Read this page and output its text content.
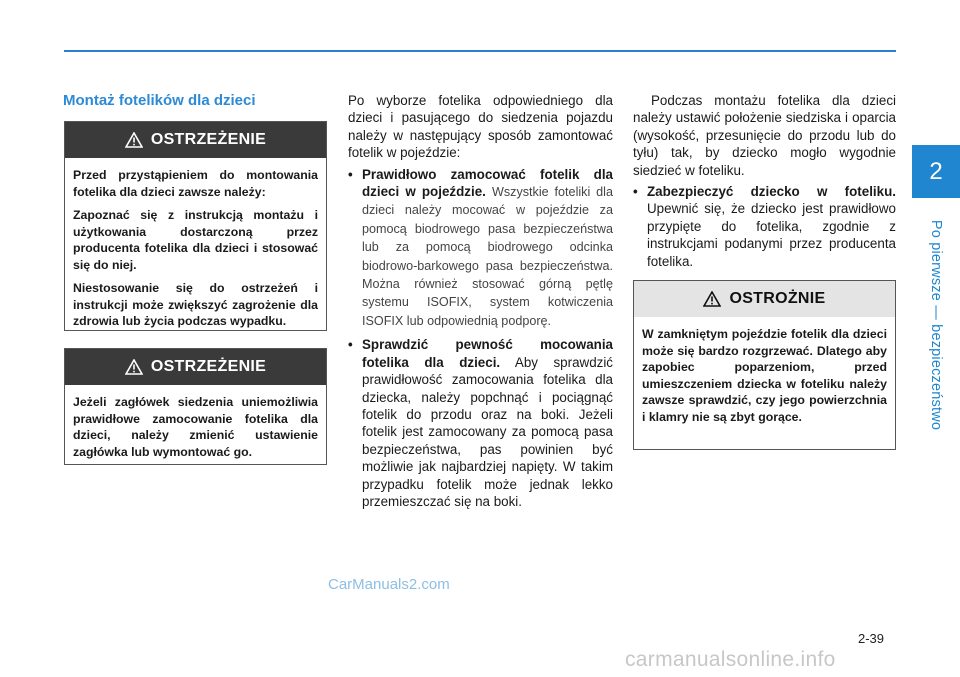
2
Po pierwsze — bezpieczeństwo
Montaż fotelików dla dzieci
OSTRZEŻENIE

Przed przystąpieniem do montowania fotelika dla dzieci zawsze należy:

Zapoznać się z instrukcją montażu i użytkowania dostarczoną przez producenta fotelika dla dzieci i stosować się do niej.

Niestosowanie się do ostrzeżeń i instrukcji może zwiększyć zagrożenie dla zdrowia lub życia podczas wypadku.

OSTRZEŻENIE

Jeżeli zagłówek siedzenia uniemożliwia prawidłowe zamocowanie fotelika dla dzieci, należy zmienić ustawienie zagłówka lub wymontować go.

Po wyborze fotelika odpowiedniego dla dzieci i pasującego do siedzenia pojazdu należy w następujący sposób zamontować fotelik w pojeździe:

• Prawidłowo zamocować fotelik dla dzieci w pojeździe. Wszystkie foteliki dla dzieci należy mocować w pojeździe za pomocą biodrowego pasa bezpieczeństwa lub za pomocą biodrowego odcinka biodrowo-barkowego pasa bezpieczeństwa. Można również stosować górną pętlę systemu ISOFIX, system kotwiczenia ISOFIX lub odpowiednią podporę.
• Sprawdzić pewność mocowania fotelika dla dzieci. Aby sprawdzić prawidłowość zamocowania fotelika dla dziecka, należy popchnąć i pociągnąć fotelik do przodu oraz na boki. Jeżeli fotelik jest zamocowany za pomocą pasa bezpieczeństwa, pas powinien być możliwie jak najbardziej napięty. W takim przypadku fotelik może jednak lekko przemieszczać się na boki.

Podczas montażu fotelika dla dzieci należy ustawić położenie siedziska i oparcia (wysokość, przesunięcie do przodu lub do tyłu) tak, by dziecko mogło wygodnie siedzieć w foteliku.

• Zabezpieczyć dziecko w foteliku. Upewnić się, że dziecko jest prawidłowo przypięte do fotelika, zgodnie z instrukcjami podanymi przez producenta fotelika.
OSTROŻNIE

W zamkniętym pojeździe fotelik dla dzieci może się bardzo rozgrzewać. Dlatego aby zapobiec poparzeniom, przed umieszczeniem dziecka w foteliku należy zawsze sprawdzić, czy jego powierzchnia i klamry nie są zbyt gorące.

CarManuals2.com
2-39
carmanualsonline.info
